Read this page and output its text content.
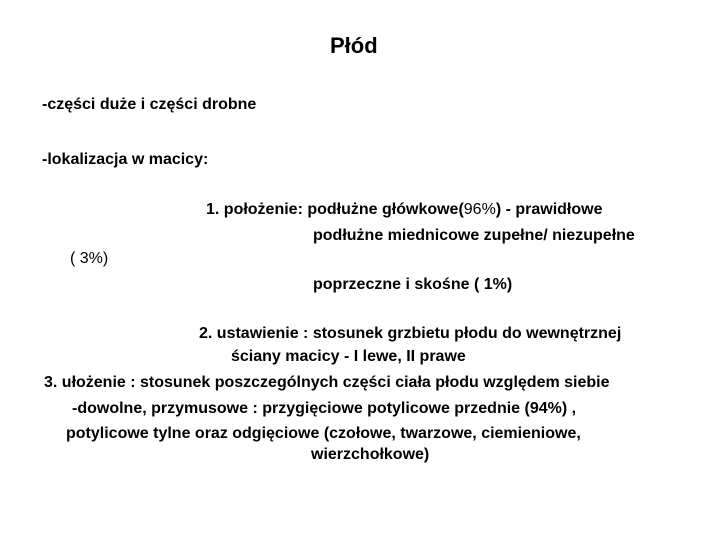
Płód
-części duże i części drobne
-lokalizacja w macicy:
1. położenie: podłużne główkowe(96%) - prawidłowe
podłużne miednicowe zupełne/ niezupełne
( 3%)
poprzeczne i skośne ( 1%)
2. ustawienie : stosunek grzbietu płodu do wewnętrznej
ściany macicy - I lewe, II prawe
3. ułożenie : stosunek poszczególnych części ciała płodu względem siebie
-dowolne, przymusowe : przygięciowe potylicowe przednie (94%) ,
potylicowe tylne oraz odgięciowe (czołowe, twarzowe, ciemieniowe,
wierzchołkowe)
